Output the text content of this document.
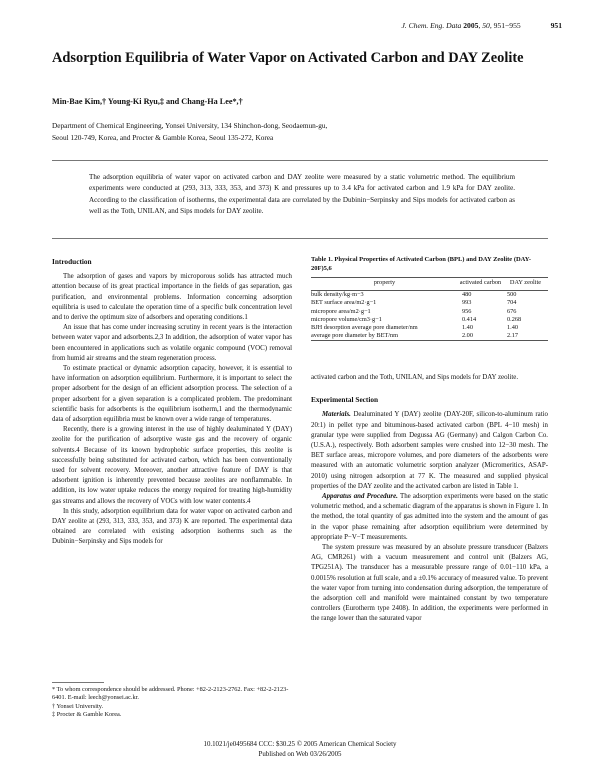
J. Chem. Eng. Data 2005, 50, 951−955	951
Adsorption Equilibria of Water Vapor on Activated Carbon and DAY Zeolite
Min-Bae Kim,† Young-Ki Ryu,‡ and Chang-Ha Lee*,†
Department of Chemical Engineering, Yonsei University, 134 Shinchon-dong, Seodaemun-gu,
Seoul 120-749, Korea, and Procter & Gamble Korea, Seoul 135-272, Korea
The adsorption equilibria of water vapor on activated carbon and DAY zeolite were measured by a static volumetric method. The equilibrium experiments were conducted at (293, 313, 333, 353, and 373) K and pressures up to 3.4 kPa for activated carbon and 1.9 kPa for DAY zeolite. According to the classification of isotherms, the experimental data are correlated by the Dubinin−Serpinsky and Sips models for activated carbon as well as the Toth, UNILAN, and Sips models for DAY zeolite.
Introduction

The adsorption of gases and vapors by microporous solids has attracted much attention because of its great practical importance in the fields of gas separation, gas purification, and environmental problems. Information concerning adsorption equilibria is used to calculate the operation time of a specific bulk concentration level and to derive the optimum size of adsorbers and operating conditions.1

An issue that has come under increasing scrutiny in recent years is the interaction between water vapor and adsorbents.2,3 In addition, the adsorption of water vapor has been encountered in applications such as volatile organic compound (VOC) removal from humid air streams and the steam regeneration process.

To estimate practical or dynamic adsorption capacity, however, it is essential to have information on adsorption equilibrium. Furthermore, it is important to select the proper adsorbent for the design of an efficient adsorption process. The selection of a proper adsorbent for a given separation is a complicated problem. The predominant scientific basis for adsorbents is the equilibrium isotherm,1 and the thermodynamic data of adsorption equilibria must be known over a wide range of temperatures.

Recently, there is a growing interest in the use of highly dealuminated Y (DAY) zeolite for the purification of adsorptive waste gas and the recovery of organic solvents.4 Because of its known hydrophobic surface properties, this zeolite is successfully being substituted for activated carbon, which has been conventionally used for solvent recovery. Moreover, another attractive feature of DAY is that adsorbent ignition is inherently prevented because zeolites are nonflammable. In addition, its low water uptake reduces the energy required for treating high-humidity gas streams and allows the recovery of VOCs with low water contents.4

In this study, adsorption equilibrium data for water vapor on activated carbon and DAY zeolite at (293, 313, 333, 353, and 373) K are reported. The experimental data obtained are correlated with existing adsorption isotherms such as the Dubinin−Serpinsky and Sips models for

Table 1. Physical Properties of Activated Carbon (BPL) and DAY Zeolite (DAY-20F)5,6
property	activated carbon	DAY zeolite
bulk density/kg·m−3	480	500
BET surface area/m2·g−1	993	704
micropore area/m2·g−1	956	676
micropore volume/cm3·g−1	0.414	0.268
BJH desorption average pore diameter/nm	1.40	1.40
average pore diameter by BET/nm	2.00	2.17

activated carbon and the Toth, UNILAN, and Sips models for DAY zeolite.

Experimental Section

Materials. Dealuminated Y (DAY) zeolite (DAY-20F, silicon-to-aluminum ratio 20:1) in pellet type and bituminous-based activated carbon (BPL 4−10 mesh) in granular type were supplied from Degussa AG (Germany) and Calgon Carbon Co. (U.S.A.), respectively. Both adsorbent samples were crushed into 12−30 mesh. The BET surface areas, micropore volumes, and pore diameters of the adsorbents were measured with an automatic volumetric sorption analyzer (Micromeritics, ASAP-2010) using nitrogen adsorption at 77 K. The measured and supplied physical properties of the DAY zeolite and the activated carbon are listed in Table 1.

Apparatus and Procedure. The adsorption experiments were based on the static volumetric method, and a schematic diagram of the apparatus is shown in Figure 1. In the method, the total quantity of gas admitted into the system and the amount of gas in the vapor phase remaining after adsorption equilibrium were determined by appropriate P−V−T measurements.

The system pressure was measured by an absolute pressure transducer (Balzers AG, CMR261) with a vacuum measurement and control unit (Balzers AG, TPG251A). The transducer has a measurable pressure range of 0.01−110 kPa, a 0.0015% resolution at full scale, and a ±0.1% accuracy of measured value. To prevent the water vapor from turning into condensation during adsorption, the temperature of the adsorption cell and manifold were maintained constant by two temperature controllers (Eurotherm type 2408). In addition, the experiments were performed in the range lower than the saturated vapor

* To whom correspondence should be addressed. Phone: +82-2-2123-2762. Fax: +82-2-2123-6401. E-mail: leech@yonsei.ac.kr.
† Yonsei University.
‡ Procter & Gamble Korea.
10.1021/je0495684 CCC: $30.25 © 2005 American Chemical Society
Published on Web 03/26/2005
